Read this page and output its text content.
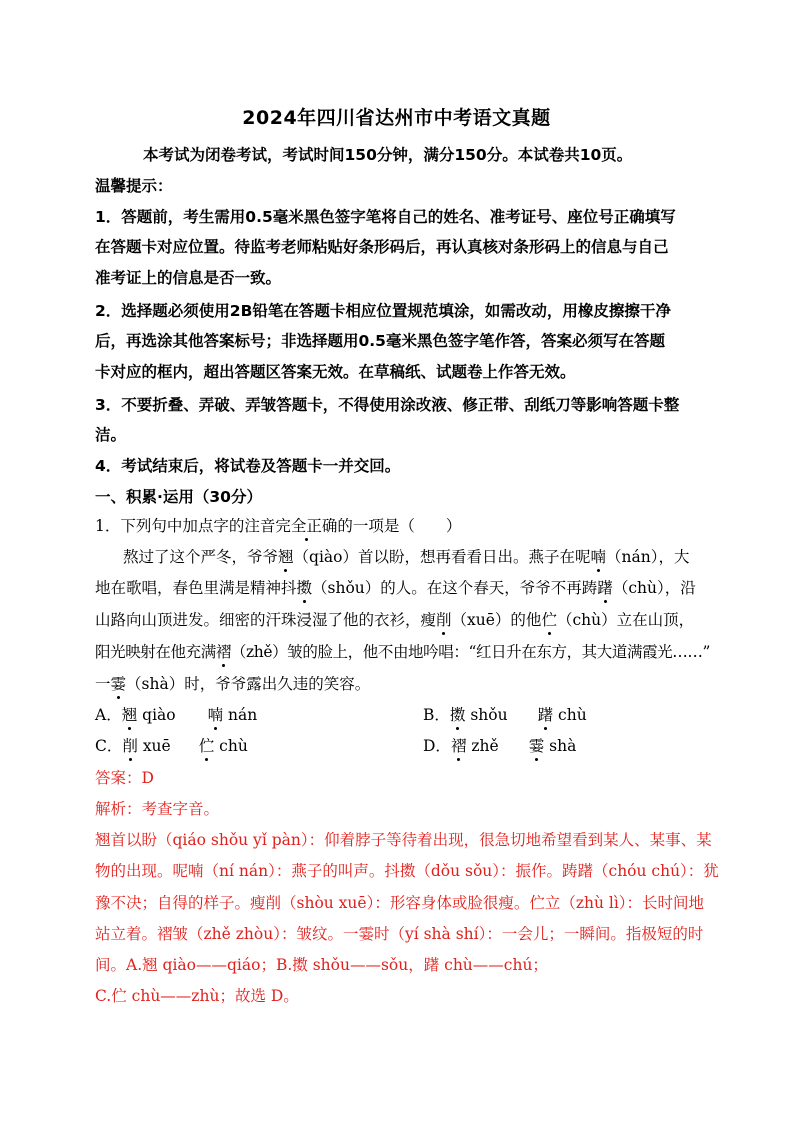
2024年四川省达州市中考语文真题
本考试为闭卷考试，考试时间150分钟，满分150分。本试卷共10页。
温馨提示：
1．答题前，考生需用0.5毫米黑色签字笔将自己的姓名、准考证号、座位号正确填写
在答题卡对应位置。待监考老师粘贴好条形码后，再认真核对条形码上的信息与自己
准考证上的信息是否一致。
2．选择题必须使用2B铅笔在答题卡相应位置规范填涂，如需改动，用橡皮擦擦干净
后，再选涂其他答案标号；非选择题用0.5毫米黑色签字笔作答，答案必须写在答题
卡对应的框内，超出答题区答案无效。在草稿纸、试题卷上作答无效。
3．不要折叠、弄破、弄皱答题卡，不得使用涂改液、修正带、刮纸刀等影响答题卡整
洁。
4．考试结束后，将试卷及答题卡一并交回。
一、积累·运用（30分）
1．下列句中加点字的注音完全正确的一项是（　　）
熬过了这个严冬，爷爷翘（qiào）首以盼，想再看看日出。燕子在呢喃（nán），大
地在歌唱，春色里满是精神抖擞（shǒu）的人。在这个春天，爷爷不再踌躇（chù），沿
山路向山顶进发。细密的汗珠浸湿了他的衣衫，瘦削（xuē）的他伫（chù）立在山顶，
阳光映射在他充满褶（zhě）皱的脸上，他不由地吟唱：“红日升在东方，其大道满霞光……”
一霎（shà）时，爷爷露出久违的笑容。
A．翘 qiào 喃 nán	B．擞 shǒu 躇 chù
C．削 xuē 伫 chù	D．褶 zhě 霎 shà
答案：D
解析：考查字音。
翘首以盼（qiáo shǒu yǐ pàn）：仰着脖子等待着出现，很急切地希望看到某人、某事、某
物的出现。呢喃（ní nán）：燕子的叫声。抖擞（dǒu sǒu）：振作。踌躇（chóu chú）：犹
豫不决；自得的样子。瘦削（shòu xuē）：形容身体或脸很瘦。伫立（zhù lì）：长时间地
站立着。褶皱（zhě zhòu）：皱纹。一霎时（yí shà shí）：一会儿；一瞬间。指极短的时
间。A.翘 qiào——qiáo；B.擞 shǒu——sǒu，躇 chù——chú；
C.伫 chù——zhù；故选 D。
